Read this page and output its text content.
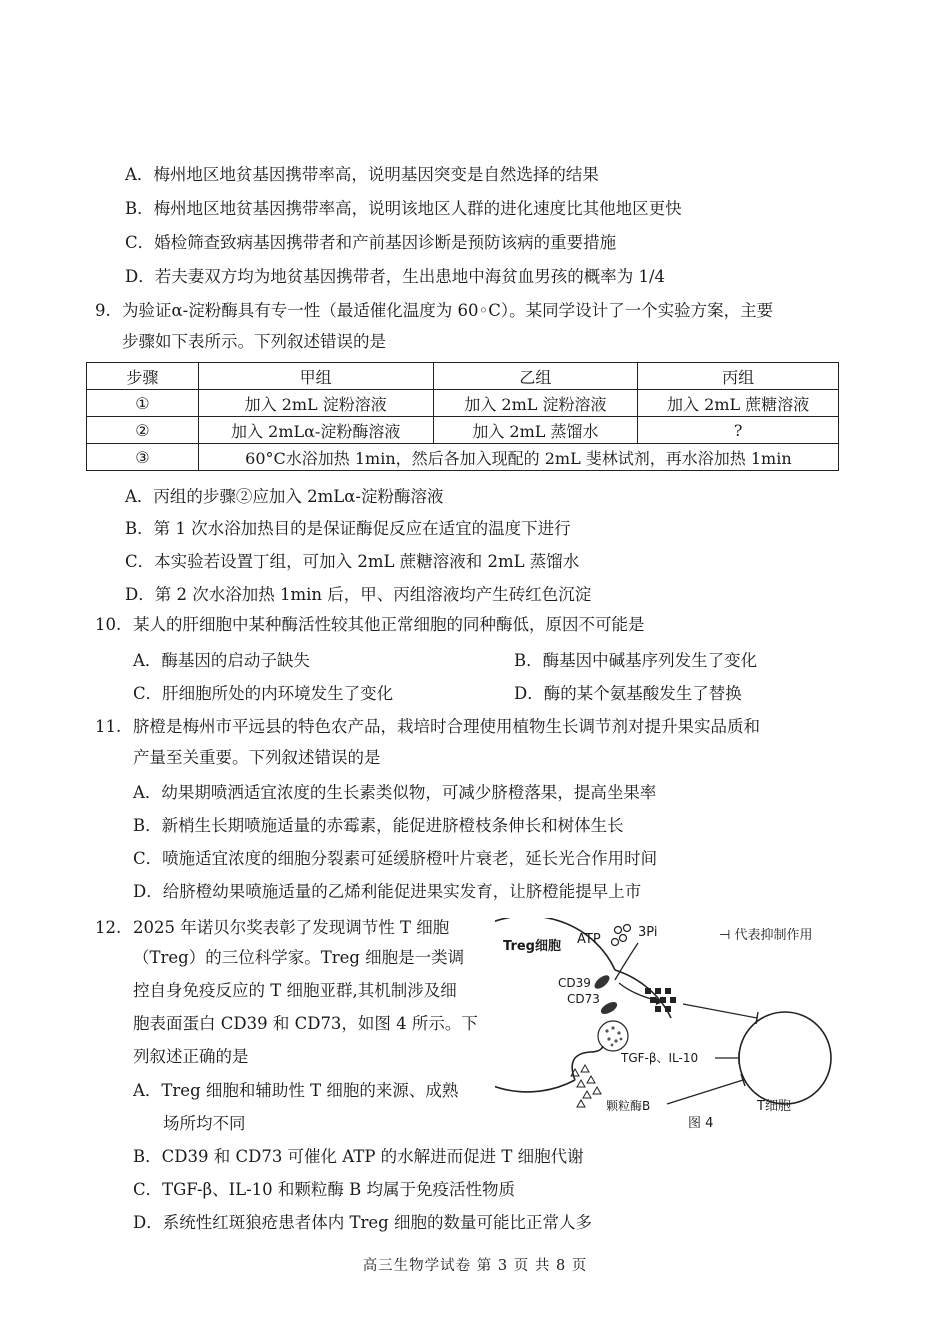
A．梅州地区地贫基因携带率高，说明基因突变是自然选择的结果
B．梅州地区地贫基因携带率高，说明该地区人群的进化速度比其他地区更快
C．婚检筛查致病基因携带者和产前基因诊断是预防该病的重要措施
D．若夫妻双方均为地贫基因携带者，生出患地中海贫血男孩的概率为 1/4
9. 为验证α-淀粉酶具有专一性（最适催化温度为 60◦C）。某同学设计了一个实验方案，主要
步骤如下表所示。下列叙述错误的是
步骤	甲组	乙组	丙组
①	加入 2mL 淀粉溶液	加入 2mL 淀粉溶液	加入 2mL 蔗糖溶液
②	加入 2mLα-淀粉酶溶液	加入 2mL 蒸馏水	?
③	60°C水浴加热 1min，然后各加入现配的 2mL 斐林试剂，再水浴加热 1min		
A．丙组的步骤②应加入 2mLα-淀粉酶溶液
B．第 1 次水浴加热目的是保证酶促反应在适宜的温度下进行
C．本实验若设置丁组，可加入 2mL 蔗糖溶液和 2mL 蒸馏水
D．第 2 次水浴加热 1min 后，甲、丙组溶液均产生砖红色沉淀
10. 某人的肝细胞中某种酶活性较其他正常细胞的同种酶低，原因不可能是
A．酶基因的启动子缺失	B．酶基因中碱基序列发生了变化
C．肝细胞所处的内环境发生了变化	D．酶的某个氨基酸发生了替换
11. 脐橙是梅州市平远县的特色农产品，栽培时合理使用植物生长调节剂对提升果实品质和
产量至关重要。下列叙述错误的是
A．幼果期喷洒适宜浓度的生长素类似物，可减少脐橙落果，提高坐果率
B．新梢生长期喷施适量的赤霉素，能促进脐橙枝条伸长和树体生长
C．喷施适宜浓度的细胞分裂素可延缓脐橙叶片衰老，延长光合作用时间
D．给脐橙幼果喷施适量的乙烯利能促进果实发育，让脐橙能提早上市
12. 2025 年诺贝尔奖表彰了发现调节性 T 细胞
（Treg）的三位科学家。Treg 细胞是一类调
控自身免疫反应的 T 细胞亚群,其机制涉及细
胞表面蛋白 CD39 和 CD73，如图 4 所示。下
列叙述正确的是
A．Treg 细胞和辅助性 T 细胞的来源、成熟
场所均不同
B．CD39 和 CD73 可催化 ATP 的水解进而促进 T 细胞代谢
C．TGF-β、IL-10 和颗粒酶 B 均属于免疫活性物质
D．系统性红斑狼疮患者体内 Treg 细胞的数量可能比正常人多
Treg细胞 ATP	3Pi	⊣ 代表抑制作用
CD39
CD73
TGF-β、IL-10
颗粒酶B	T细胞
图 4
高三生物学试卷 第 3 页 共 8 页
